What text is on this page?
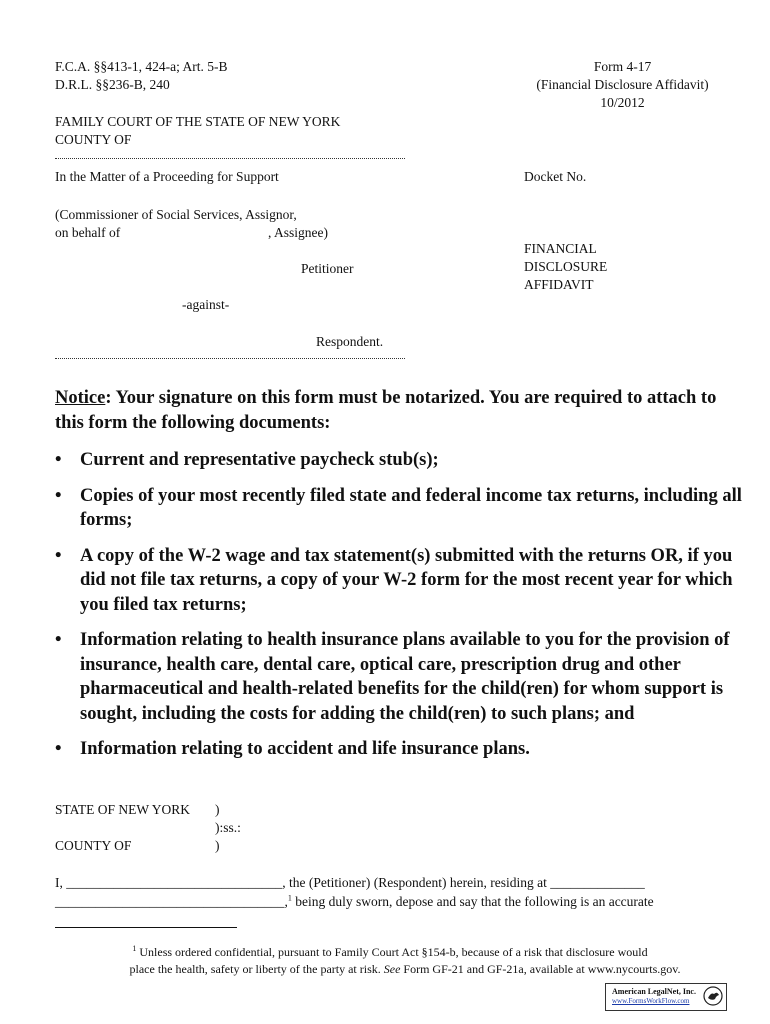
F.C.A. §§413-1, 424-a; Art. 5-B
D.R.L. §§236-B, 240
Form 4-17
(Financial Disclosure Affidavit)
10/2012
FAMILY COURT OF THE STATE OF NEW YORK
COUNTY OF
In the Matter of a Proceeding for Support	Docket No.
(Commissioner of Social Services, Assignor,
on behalf of	, Assignee)
FINANCIAL
DISCLOSURE
AFFIDAVIT
Petitioner
-against-
Respondent.
Notice: Your signature on this form must be notarized. You are required to attach to this form the following documents:
• Current and representative paycheck stub(s);
• Copies of your most recently filed state and federal income tax returns, including all forms;
• A copy of the W-2 wage and tax statement(s) submitted with the returns OR, if you did not file tax returns, a copy of your W-2 form for the most recent year for which you filed tax returns;
• Information relating to health insurance plans available to you for the provision of insurance, health care, dental care, optical care, prescription drug and other pharmaceutical and health-related benefits for the child(ren) for whom support is sought, including the costs for adding the child(ren) to such plans; and
• Information relating to accident and life insurance plans.
STATE OF NEW YORK )
):ss.:
COUNTY OF	)
I, ________________________________, the (Petitioner) (Respondent) herein, residing at ______________
__________________________________,$^1$ being duly sworn, depose and say that the following is an accurate
$^1$ Unless ordered confidential, pursuant to Family Court Act §154-b, because of a risk that disclosure would
place the health, safety or liberty of the party at risk. See Form GF-21 and GF-21a, available at www.nycourts.gov.
American LegalNet, Inc.
www.FormsWorkFlow.com
